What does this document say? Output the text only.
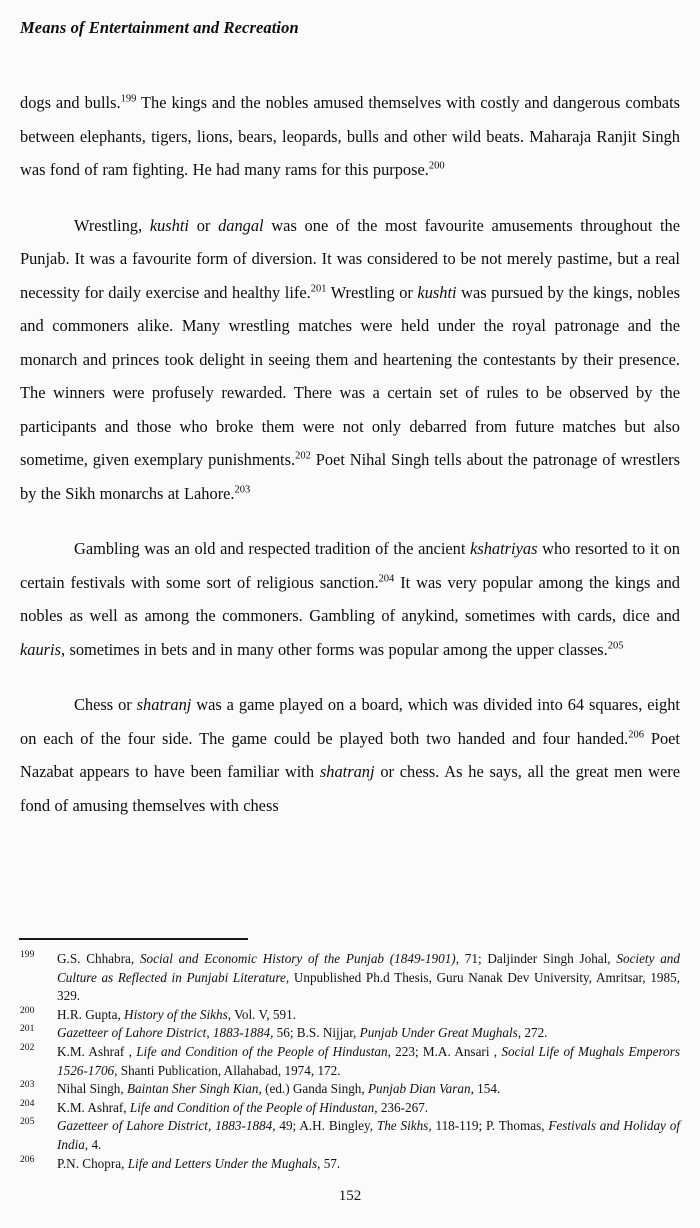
Means of Entertainment and Recreation

dogs and bulls.$^{199}$ The kings and the nobles amused themselves with costly and dangerous combats between elephants, tigers, lions, bears, leopards, bulls and other wild beats. Maharaja Ranjit Singh was fond of ram fighting. He had many rams for this purpose.$^{200}$

Wrestling, kushti or dangal was one of the most favourite amusements throughout the Punjab. It was a favourite form of diversion. It was considered to be not merely pastime, but a real necessity for daily exercise and healthy life.$^{201}$ Wrestling or kushti was pursued by the kings, nobles and commoners alike. Many wrestling matches were held under the royal patronage and the monarch and princes took delight in seeing them and heartening the contestants by their presence. The winners were profusely rewarded. There was a certain set of rules to be observed by the participants and those who broke them were not only debarred from future matches but also sometime, given exemplary punishments.$^{202}$ Poet Nihal Singh tells about the patronage of wrestlers by the Sikh monarchs at Lahore.$^{203}$

Gambling was an old and respected tradition of the ancient kshatriyas who resorted to it on certain festivals with some sort of religious sanction.$^{204}$ It was very popular among the kings and nobles as well as among the commoners. Gambling of anykind, sometimes with cards, dice and kauris, sometimes in bets and in many other forms was popular among the upper classes.$^{205}$

Chess or shatranj was a game played on a board, which was divided into 64 squares, eight on each of the four side. The game could be played both two handed and four handed.$^{206}$ Poet Nazabat appears to have been familiar with shatranj or chess. As he says, all the great men were fond of amusing themselves with chess

199	G.S. Chhabra, Social and Economic History of the Punjab (1849-1901), 71; Daljinder Singh Johal, Society and Culture as Reflected in Punjabi Literature, Unpublished Ph.d Thesis, Guru Nanak Dev University, Amritsar, 1985, 329.
200	H.R. Gupta, History of the Sikhs, Vol. V, 591.
201	Gazetteer of Lahore District, 1883-1884, 56; B.S. Nijjar, Punjab Under Great Mughals, 272.
202	K.M. Ashraf , Life and Condition of the People of Hindustan, 223; M.A. Ansari , Social Life of Mughals Emperors 1526-1706, Shanti Publication, Allahabad, 1974, 172.
203	Nihal Singh, Baintan Sher Singh Kian, (ed.) Ganda Singh, Punjab Dian Varan, 154.
204	K.M. Ashraf, Life and Condition of the People of Hindustan, 236-267.
205	Gazetteer of Lahore District, 1883-1884, 49; A.H. Bingley, The Sikhs, 118-119; P. Thomas, Festivals and Holiday of India, 4.
206	P.N. Chopra, Life and Letters Under the Mughals, 57.
152
